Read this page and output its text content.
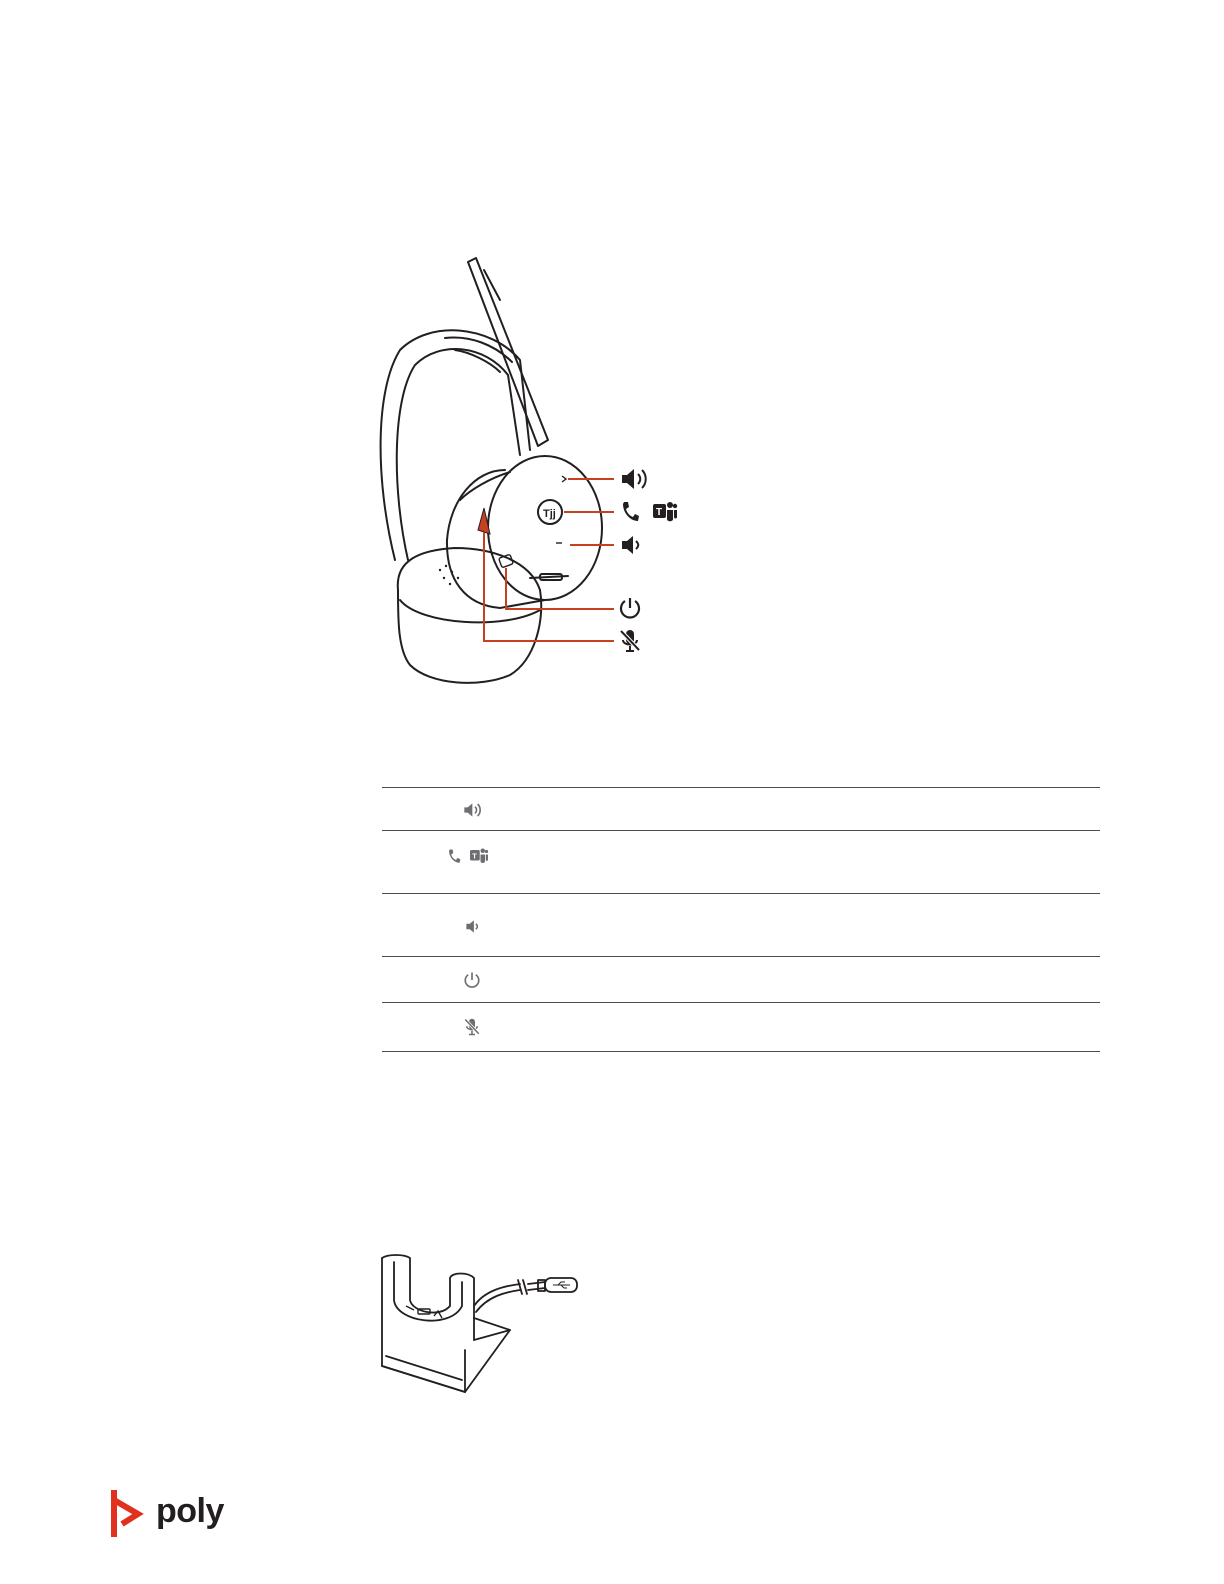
Tjj	T
T
poly
